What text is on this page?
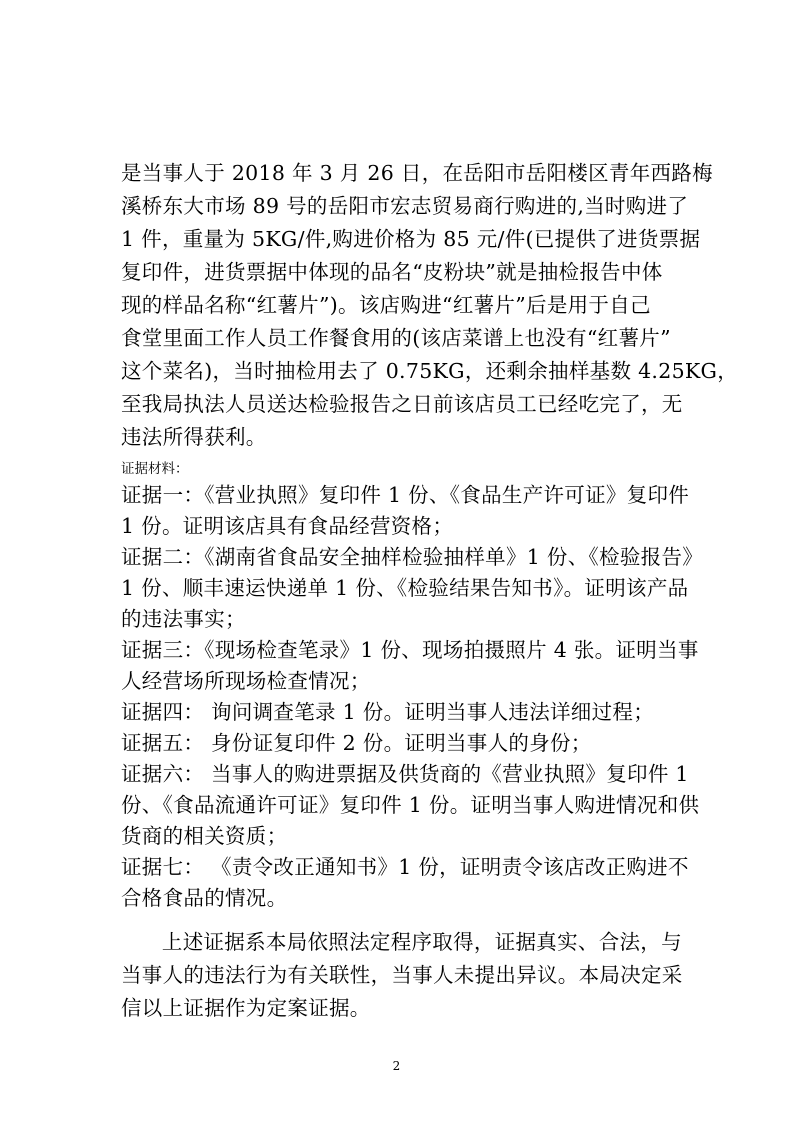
是当事人于 2018 年 3 月 26 日，在岳阳市岳阳楼区青年西路梅
溪桥东大市场 89 号的岳阳市宏志贸易商行购进的,当时购进了
1 件，重量为 5KG/件,购进价格为 85 元/件(已提供了进货票据
复印件，进货票据中体现的品名“皮粉块”就是抽检报告中体
现的样品名称“红薯片”)。该店购进“红薯片”后是用于自己
食堂里面工作人员工作餐食用的(该店菜谱上也没有“红薯片”
这个菜名)，当时抽检用去了 0.75KG，还剩余抽样基数 4.25KG，
至我局执法人员送达检验报告之日前该店员工已经吃完了，无
违法所得获利。
证据材料：
证据一：《营业执照》复印件 1 份、《食品生产许可证》复印件
1 份。证明该店具有食品经营资格；
证据二：《湖南省食品安全抽样检验抽样单》1 份、《检验报告》
1 份、顺丰速运快递单 1 份、《检验结果告知书》。证明该产品
的违法事实；
证据三：《现场检查笔录》1 份、现场拍摄照片 4 张。证明当事
人经营场所现场检查情况；
证据四： 询问调查笔录 1 份。证明当事人违法详细过程；
证据五： 身份证复印件 2 份。证明当事人的身份；
证据六： 当事人的购进票据及供货商的《营业执照》复印件 1
份、《食品流通许可证》复印件 1 份。证明当事人购进情况和供
货商的相关资质；
证据七： 《责令改正通知书》1 份，证明责令该店改正购进不
合格食品的情况。
上述证据系本局依照法定程序取得，证据真实、合法，与
当事人的违法行为有关联性，当事人未提出异议。本局决定采
信以上证据作为定案证据。
2
